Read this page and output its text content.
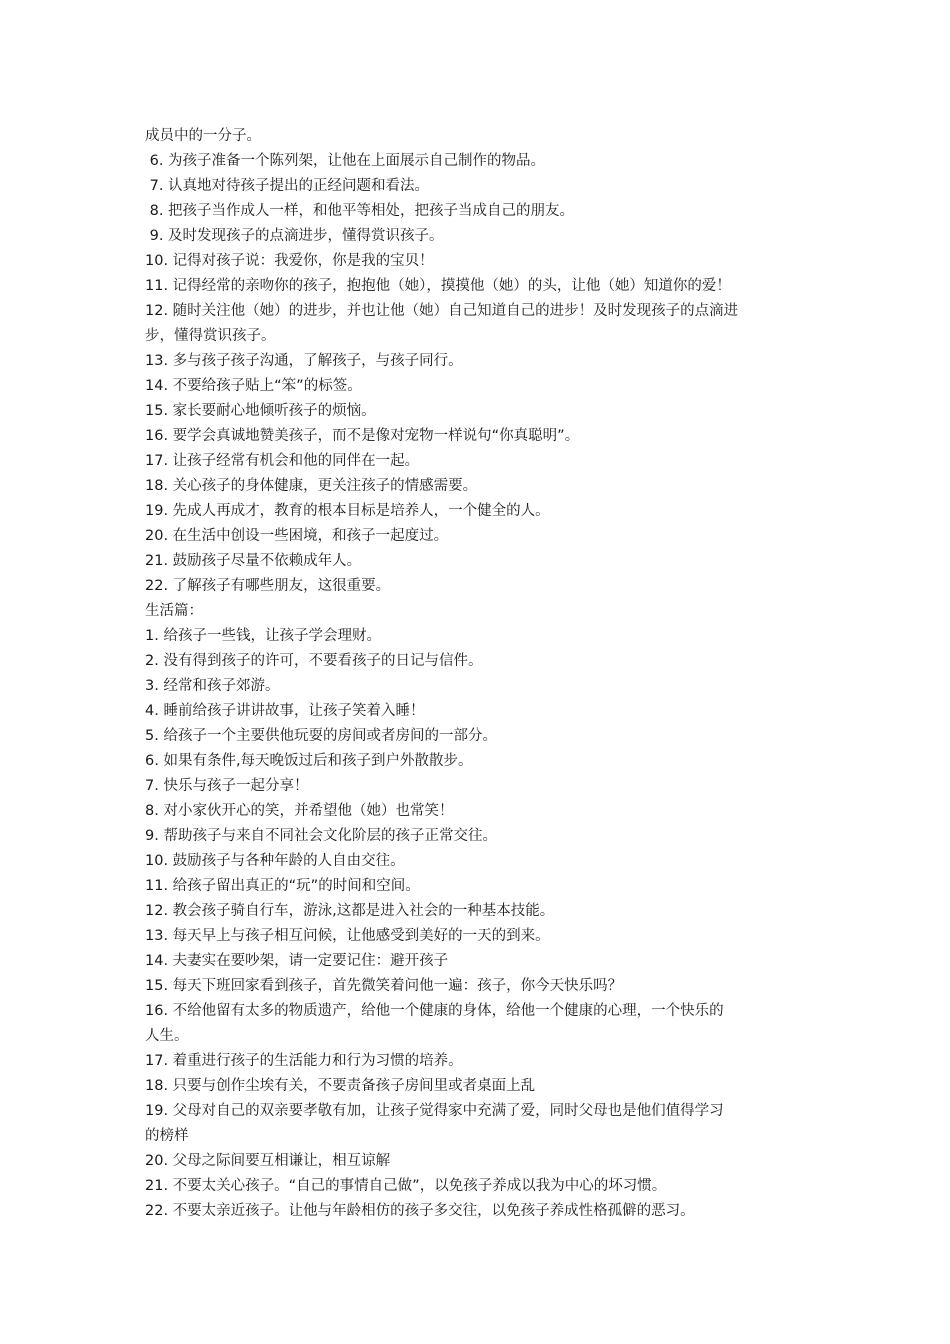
成员中的一分子。
6. 为孩子准备一个陈列架，让他在上面展示自己制作的物品。
7. 认真地对待孩子提出的正经问题和看法。
8. 把孩子当作成人一样，和他平等相处，把孩子当成自己的朋友。
9. 及时发现孩子的点滴进步，懂得赏识孩子。
10. 记得对孩子说：我爱你，你是我的宝贝！
11. 记得经常的亲吻你的孩子，抱抱他（她），摸摸他（她）的头，让他（她）知道你的爱！
12. 随时关注他（她）的进步，并也让他（她）自己知道自己的进步！及时发现孩子的点滴进
步，懂得赏识孩子。
13. 多与孩子孩子沟通，了解孩子，与孩子同行。
14. 不要给孩子贴上“笨”的标签。
15. 家长要耐心地倾听孩子的烦恼。
16. 要学会真诚地赞美孩子，而不是像对宠物一样说句“你真聪明”。
17. 让孩子经常有机会和他的同伴在一起。
18. 关心孩子的身体健康，更关注孩子的情感需要。
19. 先成人再成才，教育的根本目标是培养人，一个健全的人。
20. 在生活中创设一些困境，和孩子一起度过。
21. 鼓励孩子尽量不依赖成年人。
22. 了解孩子有哪些朋友，这很重要。
生活篇：
1. 给孩子一些钱，让孩子学会理财。
2. 没有得到孩子的许可，不要看孩子的日记与信件。
3. 经常和孩子郊游。
4. 睡前给孩子讲讲故事，让孩子笑着入睡！
5. 给孩子一个主要供他玩耍的房间或者房间的一部分。
6. 如果有条件,每天晚饭过后和孩子到户外散散步。
7. 快乐与孩子一起分享！
8. 对小家伙开心的笑，并希望他（她）也常笑！
9. 帮助孩子与来自不同社会文化阶层的孩子正常交往。
10. 鼓励孩子与各种年龄的人自由交往。
11. 给孩子留出真正的“玩”的时间和空间。
12. 教会孩子骑自行车，游泳,这都是进入社会的一种基本技能。
13. 每天早上与孩子相互问候，让他感受到美好的一天的到来。
14. 夫妻实在要吵架，请一定要记住：避开孩子
15. 每天下班回家看到孩子，首先微笑着问他一遍：孩子，你今天快乐吗？
16. 不给他留有太多的物质遗产，给他一个健康的身体，给他一个健康的心理，一个快乐的
人生。
17. 着重进行孩子的生活能力和行为习惯的培养。
18. 只要与创作尘埃有关，不要责备孩子房间里或者桌面上乱
19. 父母对自己的双亲要孝敬有加，让孩子觉得家中充满了爱，同时父母也是他们值得学习
的榜样
20. 父母之际间要互相谦让，相互谅解
21. 不要太关心孩子。“自己的事情自己做”，以免孩子养成以我为中心的坏习惯。
22. 不要太亲近孩子。让他与年龄相仿的孩子多交往，以免孩子养成性格孤僻的恶习。
